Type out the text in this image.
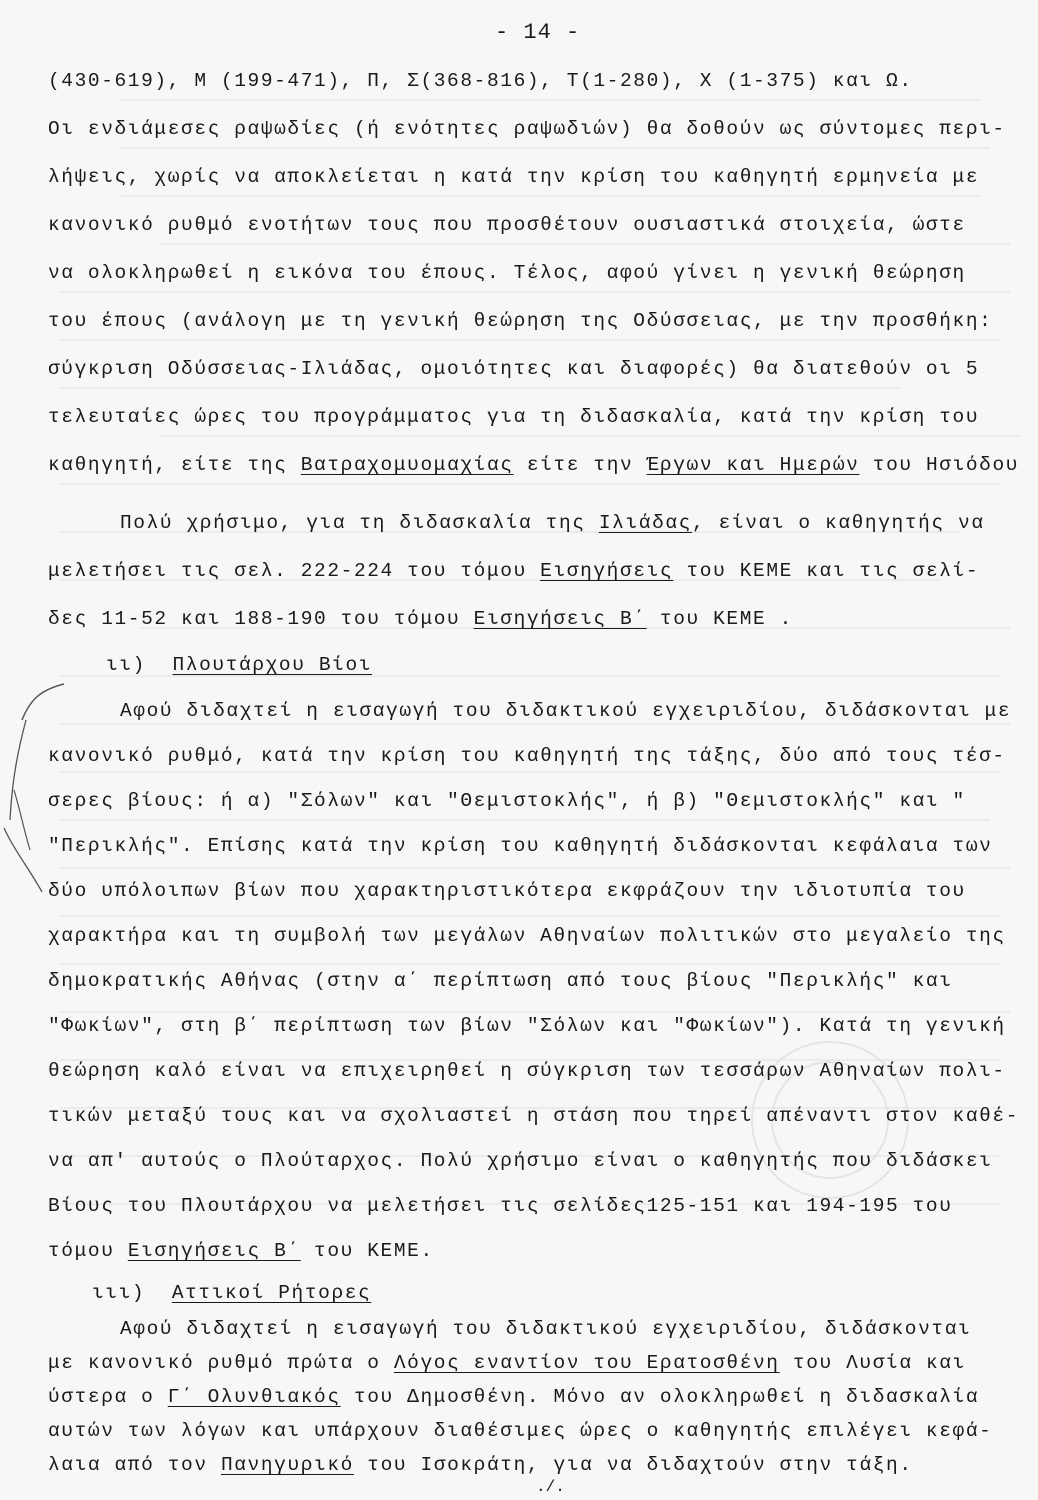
- 14 -
(430-619), Μ (199-471), Π, Σ(368-816), Τ(1-280), Χ (1-375) και Ω.
Οι ενδιάμεσες ραψωδίες (ή ενότητες ραψωδιών) θα δοθούν ως σύντομες περι-
λήψεις, χωρίς να αποκλείεται η κατά την κρίση του καθηγητή ερμηνεία με
κανονικό ρυθμό ενοτήτων τους που προσθέτουν ουσιαστικά στοιχεία, ώστε
να ολοκληρωθεί η εικόνα του έπους. Τέλος, αφού γίνει η γενική θεώρηση
του έπους (ανάλογη με τη γενική θεώρηση της Οδύσσειας, με την προσθήκη:
σύγκριση Οδύσσειας-Ιλιάδας, ομοιότητες και διαφορές) θα διατεθούν οι 5
τελευταίες ώρες του προγράμματος για τη διδασκαλία, κατά την κρίση του
καθηγητή, είτε της Βατραχομυομαχίας είτε την Έργων και Ημερών του Ησιόδου
Πολύ χρήσιμο, για τη διδασκαλία της Ιλιάδας, είναι ο καθηγητής να
μελετήσει τις σελ. 222-224 του τόμου Εισηγήσεις του ΚΕΜΕ και τις σελί-
δες 11-52 και 188-190 του τόμου Εισηγήσεις Β΄ του ΚΕΜΕ .
ιι) Πλουτάρχου Βίοι
Αφού διδαχτεί η εισαγωγή του διδακτικού εγχειριδίου, διδάσκονται με
κανονικό ρυθμό, κατά την κρίση του καθηγητή της τάξης, δύο από τους τέσ-
σερες βίους: ή α) "Σόλων" και "Θεμιστοκλής", ή β) "Θεμιστοκλής" και "
"Περικλής". Επίσης κατά την κρίση του καθηγητή διδάσκονται κεφάλαια των
δύο υπόλοιπων βίων που χαρακτηριστικότερα εκφράζουν την ιδιοτυπία του
χαρακτήρα και τη συμβολή των μεγάλων Αθηναίων πολιτικών στο μεγαλείο της
δημοκρατικής Αθήνας (στην α΄ περίπτωση από τους βίους "Περικλής" και
"Φωκίων", στη β΄ περίπτωση των βίων "Σόλων και "Φωκίων"). Κατά τη γενική
θεώρηση καλό είναι να επιχειρηθεί η σύγκριση των τεσσάρων Αθηναίων πολι-
τικών μεταξύ τους και να σχολιαστεί η στάση που τηρεί απέναντι στον καθέ-
να απ' αυτούς ο Πλούταρχος. Πολύ χρήσιμο είναι ο καθηγητής που διδάσκει
Βίους του Πλουτάρχου να μελετήσει τις σελίδες125-151 και 194-195 του
τόμου Εισηγήσεις Β΄ του ΚΕΜΕ.
ιιι) Αττικοί Ρήτορες
Αφού διδαχτεί η εισαγωγή του διδακτικού εγχειριδίου, διδάσκονται
με κανονικό ρυθμό πρώτα ο Λόγος εναντίον του Ερατοσθένη του Λυσία και
ύστερα ο Γ΄ Ολυνθιακός του Δημοσθένη. Μόνο αν ολοκληρωθεί η διδασκαλία
αυτών των λόγων και υπάρχουν διαθέσιμες ώρες ο καθηγητής επιλέγει κεφά-
λαια από τον Πανηγυρικό του Ισοκράτη, για να διδαχτούν στην τάξη.
./.
